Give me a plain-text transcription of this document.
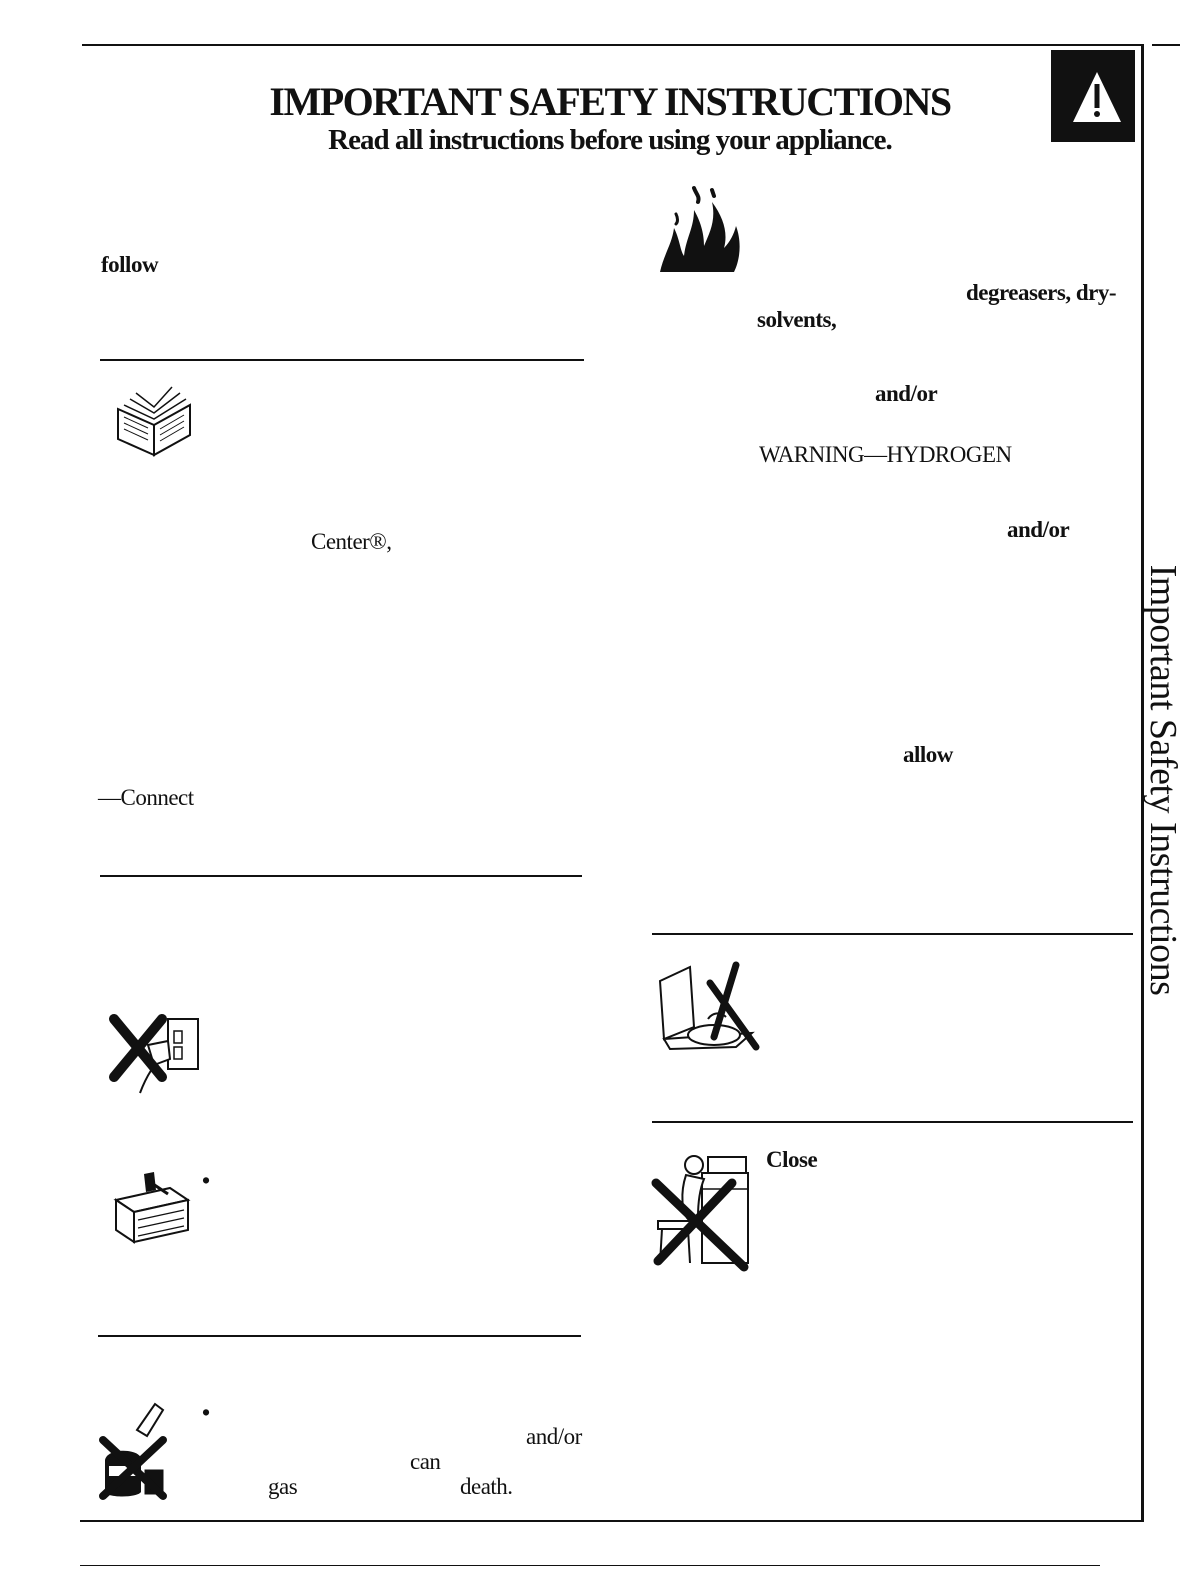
IMPORTANT SAFETY INSTRUCTIONS
Read all instructions before using your appliance.
Important Safety Instructions
follow
Center®,
—Connect
•
•
and/or
can
gas	death.
degreasers, dry-
solvents,
and/or
WARNING—HYDROGEN
and/or
allow
Close
